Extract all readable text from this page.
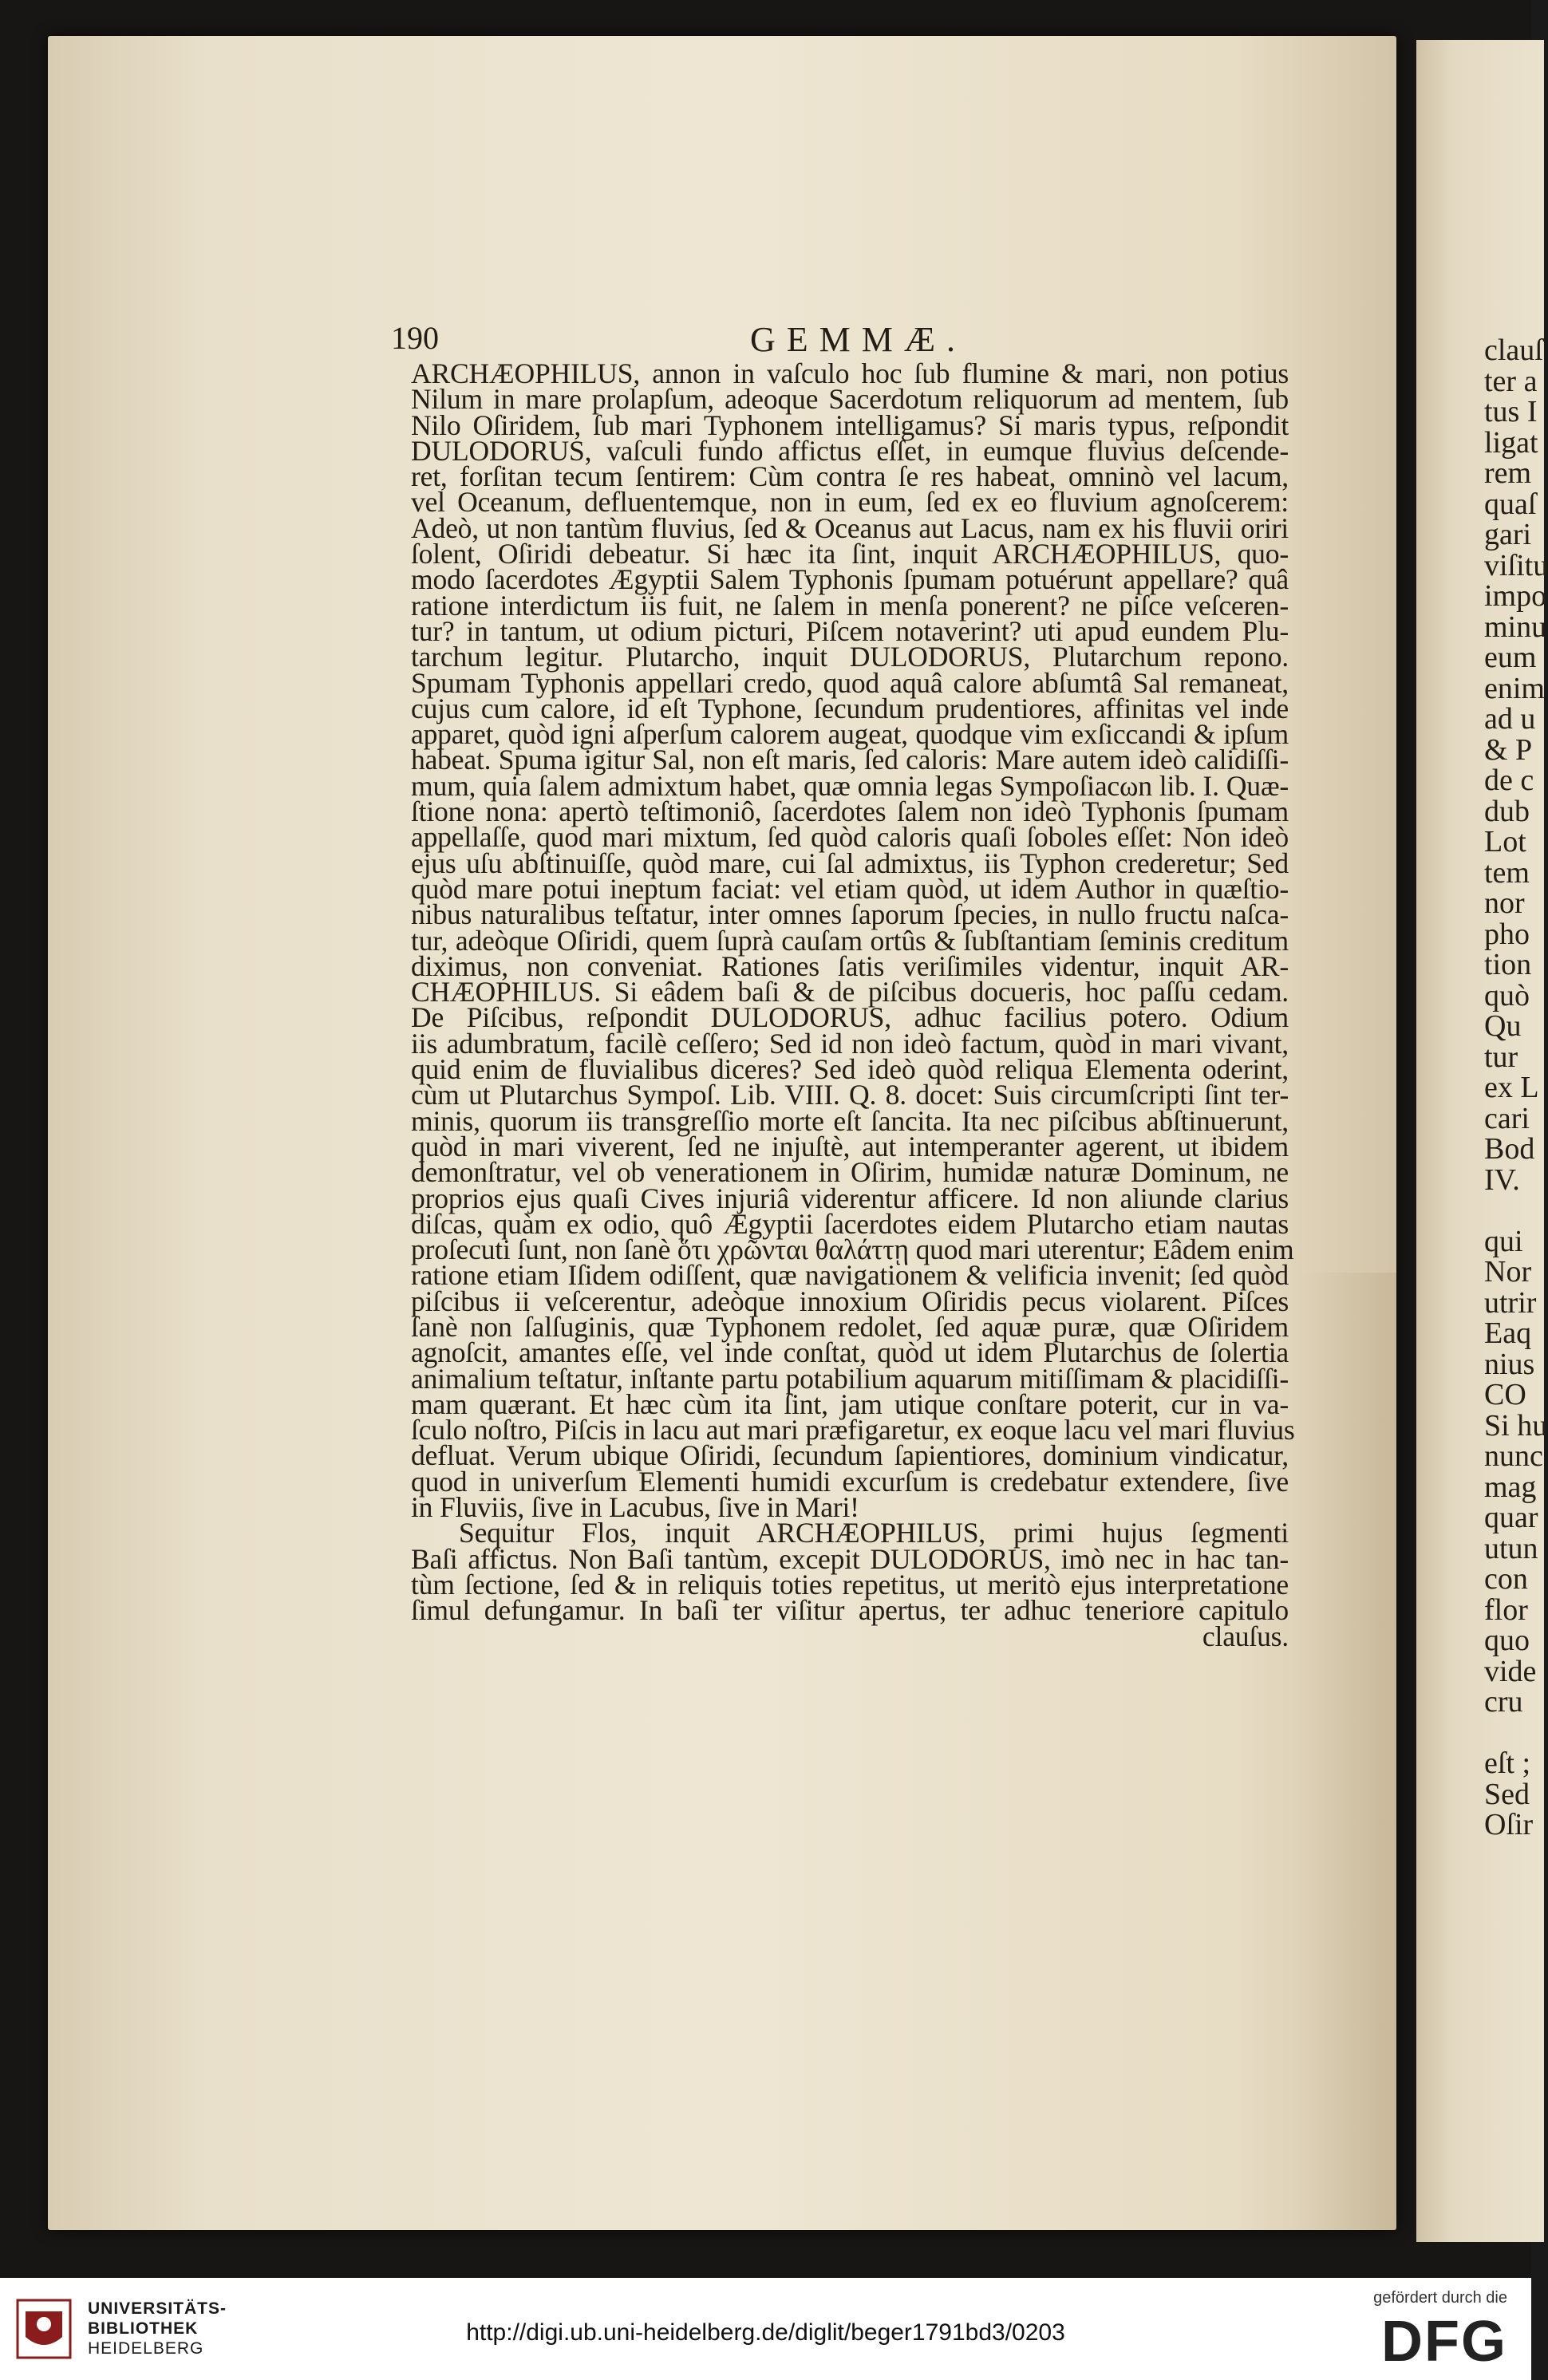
clauſ
ter a
tus I
ligat
rem
quaſ
gari
viſitu
impo
minu
eum
enim
ad u
& P
de c
dub
Lot
tem
nor
pho
tion
quò
Qu
tur
ex L
cari
Bod
IV.
qui
Nor
utrir
Eaq
nius
CO
Si hu
nunc
mag
quar
utun
con
flor
quo
vide
cru
eſt ;
Sed
Oſir
190	GEMMÆ.
ARCHÆOPHILUS, annon in vaſculo hoc ſub flumine & mari, non potius
Nilum in mare prolapſum, adeoque Sacerdotum reliquorum ad mentem, ſub
Nilo Oſiridem, ſub mari Typhonem intelligamus? Si maris typus, reſpondit
DULODORUS, vaſculi fundo affictus eſſet, in eumque fluvius deſcende-
ret, forſitan tecum ſentirem: Cùm contra ſe res habeat, omninò vel lacum,
vel Oceanum, defluentemque, non in eum, ſed ex eo fluvium agnoſcerem:
Adeò, ut non tantùm fluvius, ſed & Oceanus aut Lacus, nam ex his fluvii oriri
ſolent, Oſiridi debeatur. Si hæc ita ſint, inquit ARCHÆOPHILUS, quo-
modo ſacerdotes Ægyptii Salem Typhonis ſpumam potuérunt appellare? quâ
ratione interdictum iis fuit, ne ſalem in menſa ponerent? ne piſce veſceren-
tur? in tantum, ut odium picturi, Piſcem notaverint? uti apud eundem Plu-
tarchum legitur. Plutarcho, inquit DULODORUS, Plutarchum repono.
Spumam Typhonis appellari credo, quod aquâ calore abſumtâ Sal remaneat,
cujus cum calore, id eſt Typhone, ſecundum prudentiores, affinitas vel inde
apparet, quòd igni aſperſum calorem augeat, quodque vim exſiccandi & ipſum
habeat. Spuma igitur Sal, non eſt maris, ſed caloris: Mare autem ideò calidiſſi-
mum, quia ſalem admixtum habet, quæ omnia legas Sympoſiacωn lib. I. Quæ-
ſtione nona: apertò teſtimoniô, ſacerdotes ſalem non ideò Typhonis ſpumam
appellaſſe, quod mari mixtum, ſed quòd caloris quaſi ſoboles eſſet: Non ideò
ejus uſu abſtinuiſſe, quòd mare, cui ſal admixtus, iis Typhon crederetur; Sed
quòd mare potui ineptum faciat: vel etiam quòd, ut idem Author in quæſtio-
nibus naturalibus teſtatur, inter omnes ſaporum ſpecies, in nullo fructu naſca-
tur, adeòque Oſiridi, quem ſuprà cauſam ortûs & ſubſtantiam ſeminis creditum
diximus, non conveniat. Rationes ſatis veriſimiles videntur, inquit AR-
CHÆOPHILUS. Si eâdem baſi & de piſcibus docueris, hoc paſſu cedam.
De Piſcibus, reſpondit DULODORUS, adhuc facilius potero. Odium
iis adumbratum, facilè ceſſero; Sed id non ideò factum, quòd in mari vivant,
quid enim de fluvialibus diceres? Sed ideò quòd reliqua Elementa oderint,
cùm ut Plutarchus Sympoſ. Lib. VIII. Q. 8. docet: Suis circumſcripti ſint ter-
minis, quorum iis transgreſſio morte eſt ſancita. Ita nec piſcibus abſtinuerunt,
quòd in mari viverent, ſed ne injuſtè, aut intemperanter agerent, ut ibidem
demonſtratur, vel ob venerationem in Oſirim, humidæ naturæ Dominum, ne
proprios ejus quaſi Cives injuriâ viderentur afficere. Id non aliunde clarius
diſcas, quàm ex odio, quô Ægyptii ſacerdotes eidem Plutarcho etiam nautas
proſecuti ſunt, non ſanè ὅτι χρῶνται θαλάττῃ quod mari uterentur; Eâdem enim
ratione etiam Iſidem odiſſent, quæ navigationem & velificia invenit; ſed quòd
piſcibus ii veſcerentur, adeòque innoxium Oſiridis pecus violarent. Piſces
ſanè non ſalſuginis, quæ Typhonem redolet, ſed aquæ puræ, quæ Oſiridem
agnoſcit, amantes eſſe, vel inde conſtat, quòd ut idem Plutarchus de ſolertia
animalium teſtatur, inſtante partu potabilium aquarum mitiſſimam & placidiſſi-
mam quærant. Et hæc cùm ita ſint, jam utique conſtare poterit, cur in va-
ſculo noſtro, Piſcis in lacu aut mari præfigaretur, ex eoque lacu vel mari fluvius
defluat. Verum ubique Oſiridi, ſecundum ſapientiores, dominium vindicatur,
quod in univerſum Elementi humidi excurſum is credebatur extendere, ſive
in Fluviis, ſive in Lacubus, ſive in Mari!
Sequitur Flos, inquit ARCHÆOPHILUS, primi hujus ſegmenti
Baſi affictus. Non Baſi tantùm, excepit DULODORUS, imò nec in hac tan-
tùm ſectione, ſed & in reliquis toties repetitus, ut meritò ejus interpretatione
ſimul defungamur. In baſi ter viſitur apertus, ter adhuc teneriore capitulo
clauſus.
UNIVERSITÄTS-
BIBLIOTHEK
HEIDELBERG
http://digi.ub.uni-heidelberg.de/diglit/beger1791bd3/0203
gefördert durch die
DFG
